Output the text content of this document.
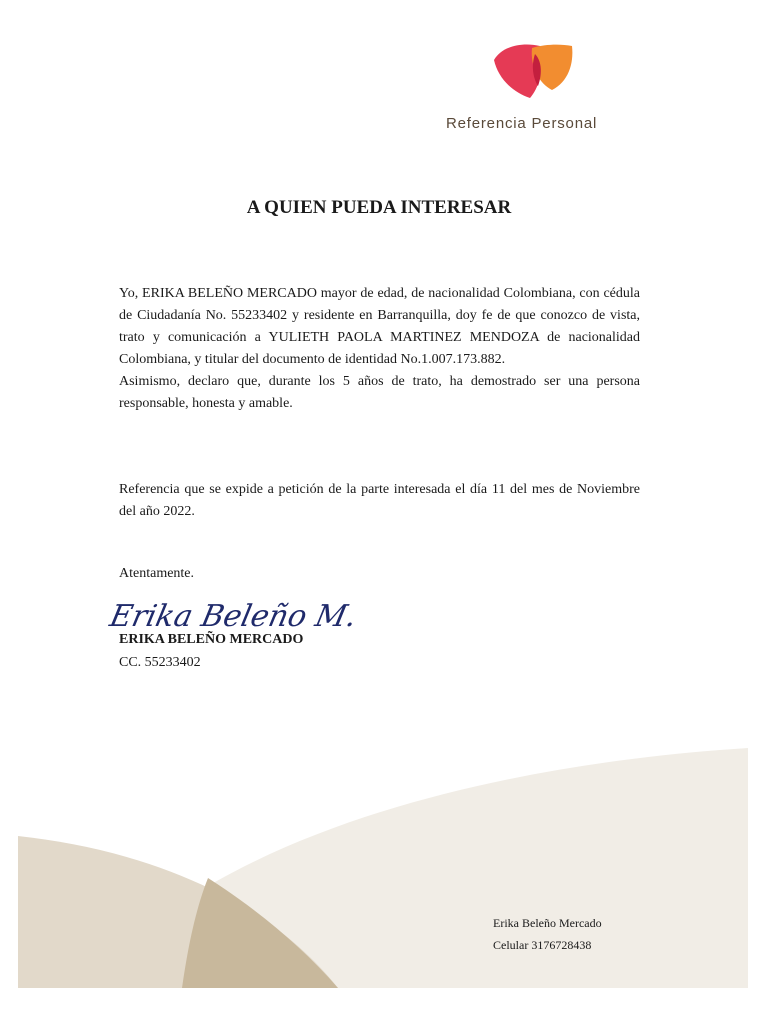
Referencia Personal
A QUIEN PUEDA INTERESAR
Yo, ERIKA BELEÑO MERCADO mayor de edad, de nacionalidad Colombiana, con cédula de Ciudadanía No. 55233402 y residente en Barranquilla, doy fe de que conozco de vista, trato y comunicación a YULIETH PAOLA MARTINEZ MENDOZA de nacionalidad Colombiana, y titular del documento de identidad No.1.007.173.882.
Asimismo, declaro que, durante los 5 años de trato, ha demostrado ser una persona responsable, honesta y amable.

Referencia que se expide a petición de la parte interesada el día 11 del mes de Noviembre del año 2022.

Atentamente.

Erika Beleño M.

ERIKA BELEÑO MERCADO

CC. 55233402

Erika Beleño Mercado
Celular 3176728438
